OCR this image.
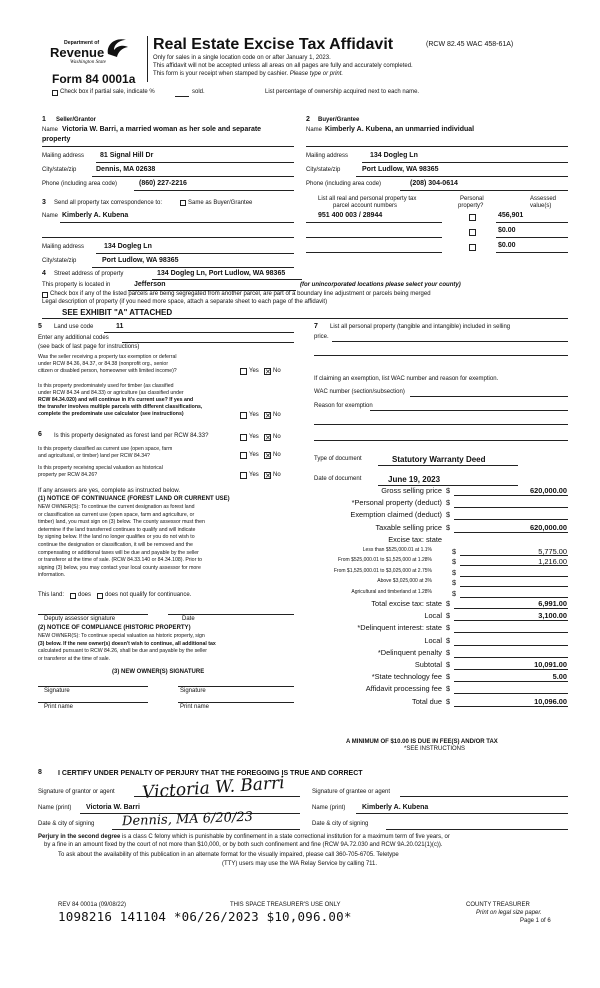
Department of
Revenue
Washington State
Form 84 0001a
Check box if partial sale, indicate %	sold.
Real Estate Excise Tax Affidavit	(RCW 82.45 WAC 458-61A)
Only for sales in a single location code on or after January 1, 2023.
This affidavit will not be accepted unless all areas on all pages are fully and accurately completed.
This form is your receipt when stamped by cashier. Please type or print.
List percentage of ownership acquired next to each name.
1 Seller/Grantor
Name Victoria W. Barri, a married woman as her sole and separate
property
Mailing address 81 Signal Hill Dr
City/state/zip	Dennis, MA 02638
Phone (including area code)	(860) 227-2216
2 Buyer/Grantee
Name Kimberly A. Kubena, an unmarried individual
Mailing address	134 Dogleg Ln
City/state/zip	Port Ludlow, WA 98365
Phone (including area code)	(208) 304-0614
3 Send all property tax correspondence to:	Same as Buyer/Grantee
Name Kimberly A. Kubena
Mailing address	134 Dogleg Ln
City/state/zip	Port Ludlow, WA 98365
List all real and personal property tax
parcel account numbers
Personal
property?
Assessed
value(s)
951 400 003 / 28944	456,901
$0.00
$0.00
4 Street address of property	134 Dogleg Ln, Port Ludlow, WA 98365
This property is located in	Jefferson	(for unincorporated locations please select your county)
Check box if any of the listed parcels are being segregated from another parcel, are part of a boundary line adjustment or parcels being merged
Legal description of property (if you need more space, attach a separate sheet to each page of the affidavit)
SEE EXHIBIT "A" ATTACHED
5 Land use code	11
Enter any additional codes
(see back of last page for instructions)
Was the seller receiving a property tax exemption or deferral
under RCW 84.36, 84.37, or 84.38 (nonprofit org., senior
citizen or disabled person, homeowner with limited income)?	Yes ✕ No
Is this property predominately used for timber (as classified
under RCW 84.34 and 84.33) or agriculture (as classified under
RCW 84.34.020) and will continue in it's current use? If yes and
the transfer involves multiple parcels with different classifications,
complete the predominate use calculator (see instructions)	Yes ✕ No
6 Is this property designated as forest land per RCW 84.33?	Yes ✕ No
Is this property classified as current use (open space, farm
and agricultural, or timber) land per RCW 84.34?	Yes ✕ No
Is this property receiving special valuation as historical
property per RCW 84.26?	Yes ✕ No
If any answers are yes, complete as instructed below.
(1) NOTICE OF CONTINUANCE (FOREST LAND OR CURRENT USE)
NEW OWNER(S): To continue the current designation as forest land
or classification as current use (open space, farm and agriculture, or
timber) land, you must sign on (3) below. The county assessor must then
determine if the land transferred continues to qualify and will indicate
by signing below. If the land no longer qualifies or you do not wish to
continue the designation or classification, it will be removed and the
compensating or additional taxes will be due and payable by the seller
or transferor at the time of sale. (RCW 84.33.140 or 84.34.108). Prior to
signing (3) below, you may contact your local county assessor for more
information.
This land: does does not qualify for continuance.
Deputy assessor signature	Date
(2) NOTICE OF COMPLIANCE (HISTORIC PROPERTY)
NEW OWNER(S): To continue special valuation as historic property, sign
(3) below. If the new owner(s) doesn't wish to continue, all additional tax
calculated pursuant to RCW 84.26, shall be due and payable by the seller
or transferor at the time of sale.
(3) NEW OWNER(S) SIGNATURE
Signature	Signature
Print name	Print name
7 List all personal property (tangible and intangible) included in selling
price.
If claiming an exemption, list WAC number and reason for exemption.
WAC number (section/subsection)
Reason for exemption
Type of document	Statutory Warranty Deed
Date of document	June 19, 2023
Gross selling price $	620,000.00
*Personal property (deduct) $
Exemption claimed (deduct) $
Taxable selling price $	620,000.00
Excise tax: state
Less than $525,000.01 at 1.1%	$	5,775.00
From $525,000.01 to $1,525,000 at 1.28%	$	1,216.00
From $1,525,000.01 to $3,025,000 at 2.75%	$
Above $3,025,000 at 3%	$
Agricultural and timberland at 1.28%	$
Total excise tax: state $	6,991.00
Local $	3,100.00
*Delinquent interest: state $
Local $
*Delinquent penalty $
Subtotal $	10,091.00
*State technology fee $	5.00
Affidavit processing fee $
Total due $	10,096.00
A MINIMUM OF $10.00 IS DUE IN FEE(S) AND/OR TAX
*SEE INSTRUCTIONS
8 I CERTIFY UNDER PENALTY OF PERJURY THAT THE FOREGOING IS TRUE AND CORRECT
Signature of grantor or agent Victoria W. Barri	Signature of grantee or agent
Name (print) Victoria W. Barri	Name (print) Kimberly A. Kubena
Date & city of signing Dennis, MA 6/20/23	Date & city of signing
Perjury in the second degree is a class C felony which is punishable by confinement in a state correctional institution for a maximum term of five years, or
by a fine in an amount fixed by the court of not more than $10,000, or by both such confinement and fine (RCW 9A.72.030 and RCW 9A.20.021(1)(c)).
To ask about the availability of this publication in an alternate format for the visually impaired, please call 360-705-6705. Teletype
(TTY) users may use the WA Relay Service by calling 711.
REV 84 0001a (09/08/22)	THIS SPACE TREASURER'S USE ONLY	COUNTY TREASURER
Print on legal size paper.
Page 1 of 6
1098216 141104 *06/26/2023 $10,096.00*
